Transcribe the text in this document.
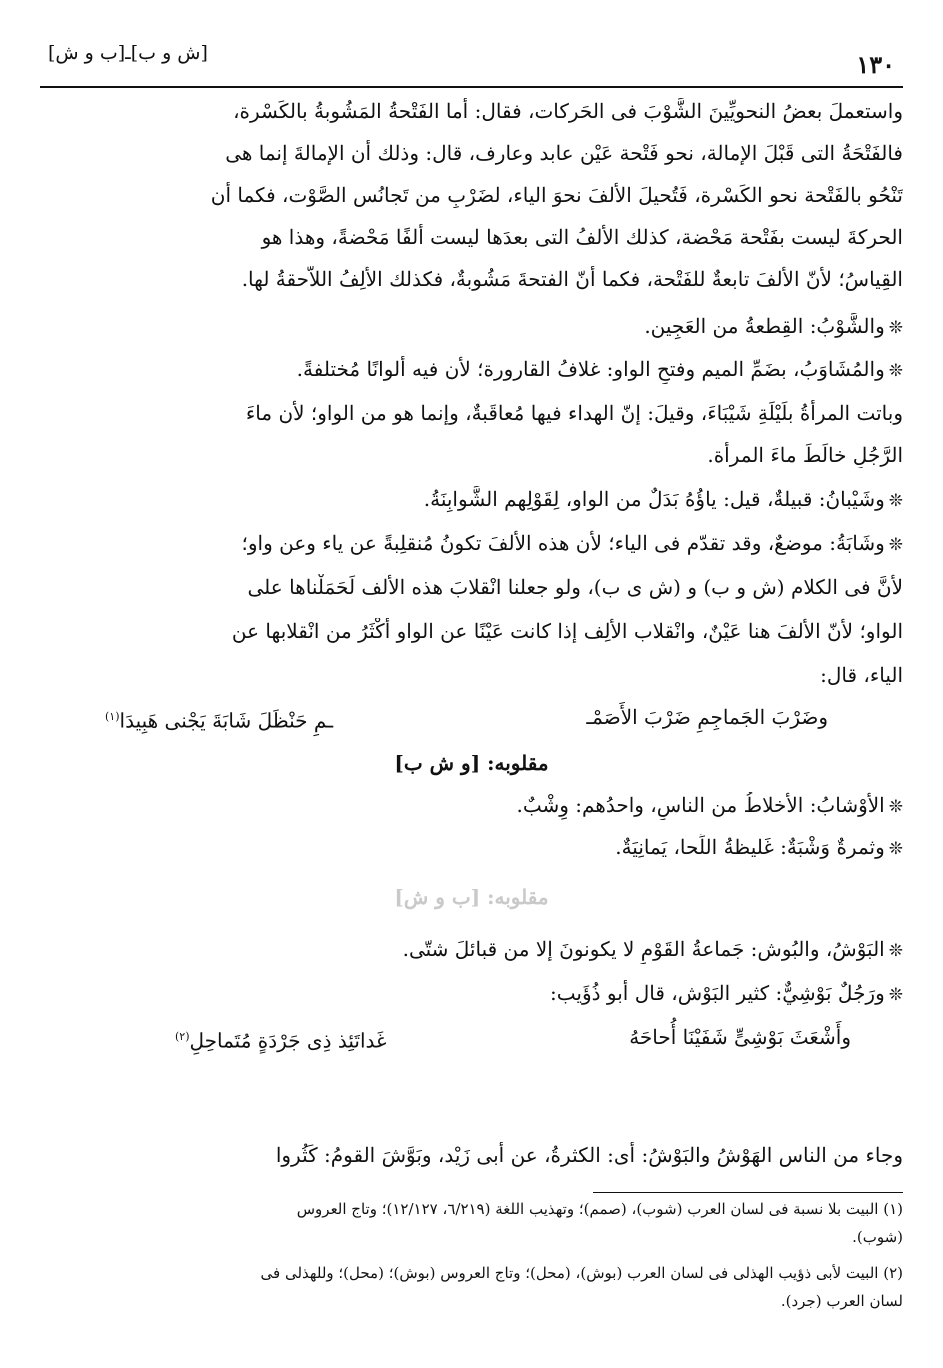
١٣٠
[ش و ب]ـ[ب و ش]
واستعملَ بعضُ النحويِّينَ الشَّوْبَ فى الحَركات، فقال: أما الفَتْحةُ المَشُوبةُ بالكَسْرة،
فالفَتْحَةُ التى قَبْلَ الإمالة، نحو فَتْحة عَيْن عابد وعارف، قال: وذلك أن الإمالةَ إنما هى
تَنْحُو بالفَتْحة نحو الكَسْرة، فَتُحيلَ الأَلفَ نحوَ الياء، لضَرْبٍ من تَجانُسِ الصَّوْت، فكما أن
الحركةَ ليست بفَتْحة مَحْضة، كذلك الأَلفُ التى بعدَها ليست أَلفًا مَحْضةً، وهذا هو
القِياسُ؛ لأنّ الألفَ تابعةٌ للفَتْحة، فكما أنّ الفتحةَ مَشُوبةٌ، فكذلك الأَلِفُ اللاّحقةُ لها.
❊والشَّوْبُ: القِطعةُ من العَجِين.
❊والمُشَاوَبُ، بضَمِّ الميم وفتحِ الواو: غلافُ القارورة؛ لأن فيه ألوانًا مُختلفةً.
وباتت المرأةُ بلَيْلَةِ شَيْبَاءَ، وقيلَ: إنّ الهِداء فيها مُعاقَبةٌ، وإنما هو من الواو؛ لأن ماءَ
الرَّجُلِ خالَطَ ماءَ المرأة.
❊وشَيْبانُ: قبيلةٌ، قيل: ياؤُهُ بَدَلٌ من الواو، لِقَوْلِهم الشَّوابِنَةُ.
❊وشَابَةُ: موضعٌ، وقد تقدّم فى الياء؛ لأن هذه الألفَ تكونُ مُنقلِبةً عن ياء وعن واو؛
لأنَّ فى الكلام (ش و ب) و (ش ى ب)، ولو جعلنا انْقلابَ هذه الألف لَحَمَلْناها على
الواو؛ لأنّ الألفَ هنا عَيْنٌ، وانْقلاب الألِف إذا كانت عَيْنًا عن الواو أكْثَرُ من انْقلابها عن
الياء، قال:
وضَرْبَ الجَماجِمِ ضَرْبَ الأَصَمْـ
ـمِ حَنْظَلَ شَابَةَ يَجْنى هَبِيدَا$^{(١)}$
مقلوبه: [و ش ب]
❊الأَوْشابُ: الأخلاطُ من الناسِ، واحدُهم: وِشْبٌ.
❊وثمرةٌ وَشْبَةٌ: غَليظةُ اللِّحا، يَمانِيَةٌ.
مقلوبه: [ب و ش]
❊البَوْشُ، والبُوش: جَماعةُ القَوْمِ لا يكونونَ إلا من قبائلَ شتّى.
❊ورَجُلٌ بَوْشِيٌّ: كثير البَوْش، قال أبو ذُؤَيب:
وأَشْعَثَ بَوْشِىٍّ شَفَيْنَا أُحاحَهُ
غَداتَئِذ ذِى جَرْدَةٍ مُتَماحِلِ$^{(٢)}$
وجاء من الناسِ الهَوْشُ والبَوْشُ: أى: الكثرةُ، عن أبى زَيْد، وبَوَّشَ القومُ: كَثُروا
(١) البيت بلا نسبة فى لسان العرب (شوب)، (صمم)؛ وتهذيب اللغة (٦/٢١٩، ١٢/١٢٧)؛ وتاج العروس
(شوب).
(٢) البيت لأبى ذؤيب الهذلى فى لسان العرب (بوش)، (محل)؛ وتاج العروس (بوش)؛ (محل)؛ وللهذلى فى
لسان العرب (جرد).
